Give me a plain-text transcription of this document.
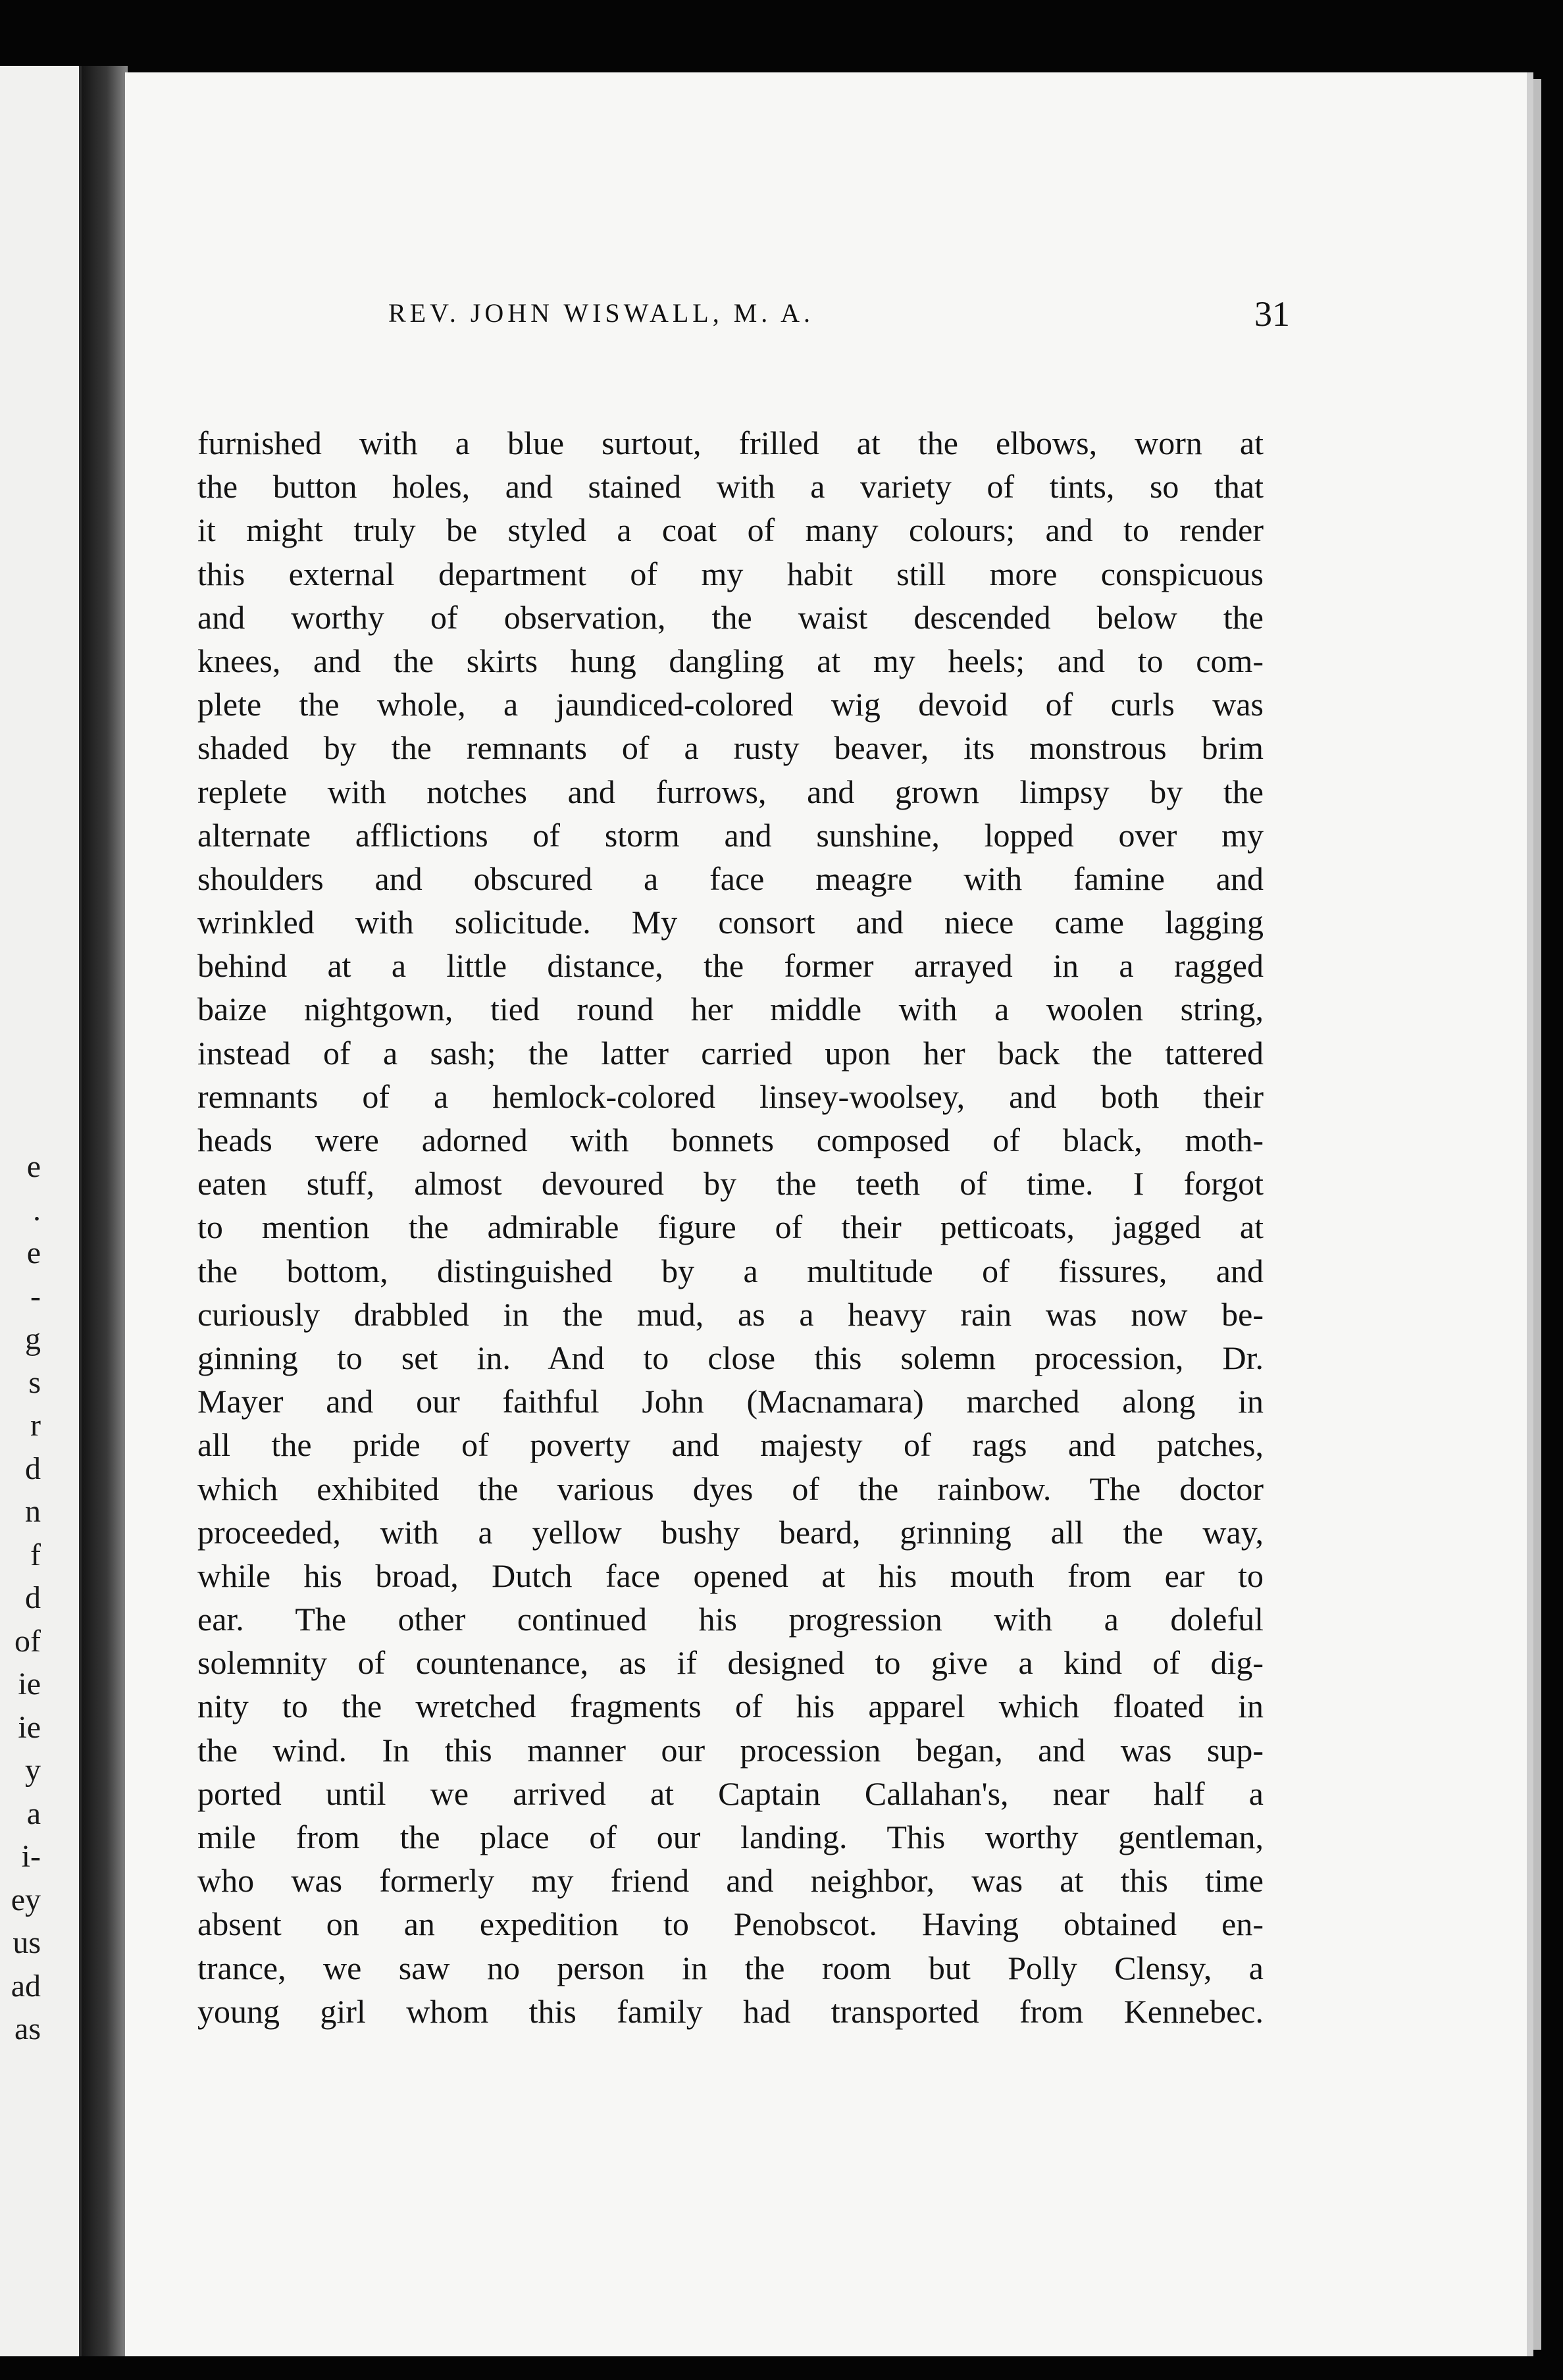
e
.
e
-
g
s
r
d
n
f
d
of
ie
ie
y
a
i-
ey
us
ad
as
REV. JOHN WISWALL, M. A.	31
furnished with a blue surtout, frilled at the elbows, worn at
the button holes, and stained with a variety of tints, so that
it might truly be styled a coat of many colours; and to render
this external department of my habit still more conspicuous
and worthy of observation, the waist descended below the
knees, and the skirts hung dangling at my heels; and to com-
plete the whole, a jaundiced-colored wig devoid of curls was
shaded by the remnants of a rusty beaver, its monstrous brim
replete with notches and furrows, and grown limpsy by the
alternate afflictions of storm and sunshine, lopped over my
shoulders and obscured a face meagre with famine and
wrinkled with solicitude. My consort and niece came lagging
behind at a little distance, the former arrayed in a ragged
baize nightgown, tied round her middle with a woolen string,
instead of a sash; the latter carried upon her back the tattered
remnants of a hemlock-colored linsey-woolsey, and both their
heads were adorned with bonnets composed of black, moth-
eaten stuff, almost devoured by the teeth of time. I forgot
to mention the admirable figure of their petticoats, jagged at
the bottom, distinguished by a multitude of fissures, and
curiously drabbled in the mud, as a heavy rain was now be-
ginning to set in. And to close this solemn procession, Dr.
Mayer and our faithful John (Macnamara) marched along in
all the pride of poverty and majesty of rags and patches,
which exhibited the various dyes of the rainbow. The doctor
proceeded, with a yellow bushy beard, grinning all the way,
while his broad, Dutch face opened at his mouth from ear to
ear. The other continued his progression with a doleful
solemnity of countenance, as if designed to give a kind of dig-
nity to the wretched fragments of his apparel which floated in
the wind. In this manner our procession began, and was sup-
ported until we arrived at Captain Callahan's, near half a
mile from the place of our landing. This worthy gentleman,
who was formerly my friend and neighbor, was at this time
absent on an expedition to Penobscot. Having obtained en-
trance, we saw no person in the room but Polly Clensy, a
young girl whom this family had transported from Kennebec.
